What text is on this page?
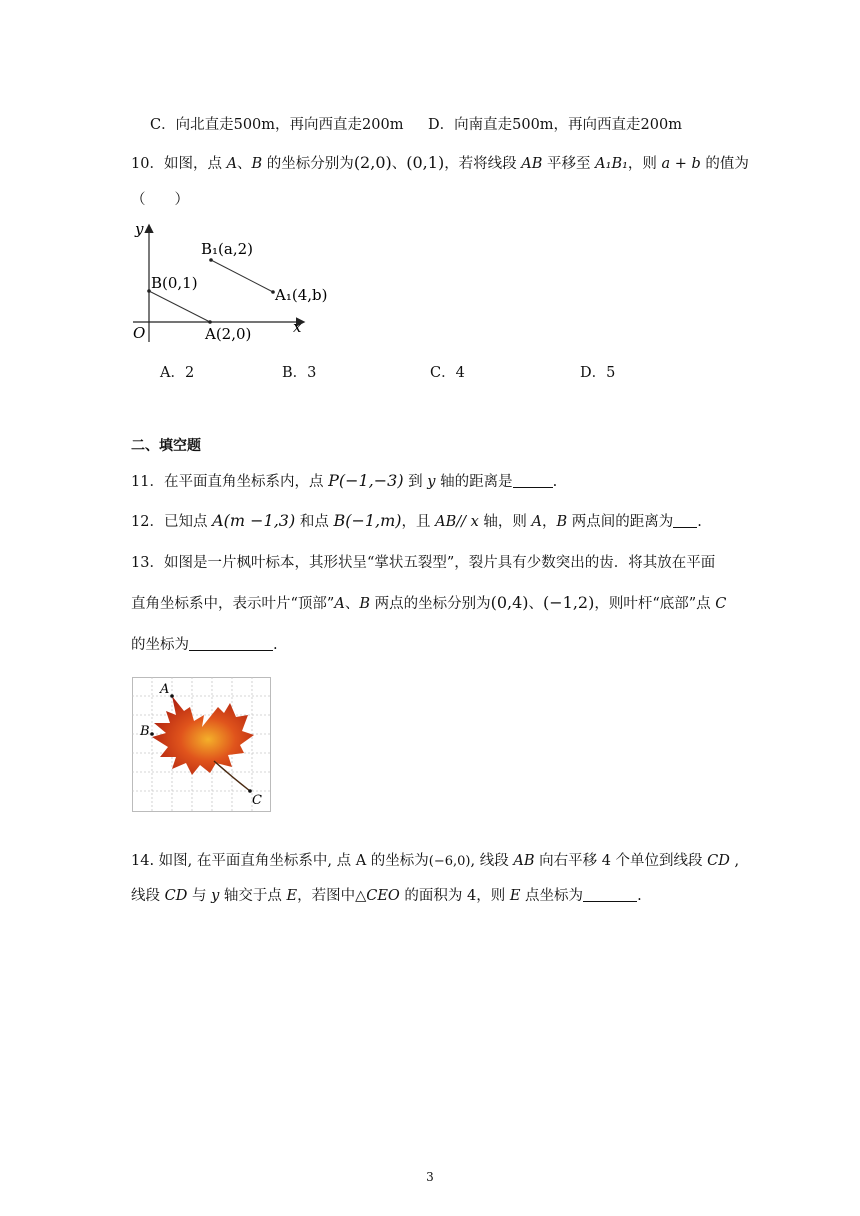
C．向北直走500m，再向西直走200m D．向南直走500m，再向西直走200m
10．如图，点 A、B 的坐标分别为(2,0)、(0,1)，若将线段 AB 平移至 A₁B₁，则 a + b 的值为
（　　）
y
x
O
B(0,1)
A(2,0)
B₁(a,2)
A₁(4,b)
A．2	B．3	C．4	D．5
二、填空题
11．在平面直角坐标系内，点 P(−1,−3) 到 y 轴的距离是	.
12．已知点 A(m −1,3) 和点 B(−1,m)，且 AB// x 轴，则 A，B 两点间的距离为 .
13．如图是一片枫叶标本，其形状呈“掌状五裂型”，裂片具有少数突出的齿．将其放在平面
直角坐标系中，表示叶片“顶部”A、B 两点的坐标分别为(0,4)、(−1,2)，则叶杆“底部”点 C
的坐标为	.
A
B
C
14. 如图, 在平面直角坐标系中, 点 A 的坐标为(−6,0), 线段 AB 向右平移 4 个单位到线段 CD ,
线段 CD 与 y 轴交于点 E，若图中△CEO 的面积为 4，则 E 点坐标为	.
3
